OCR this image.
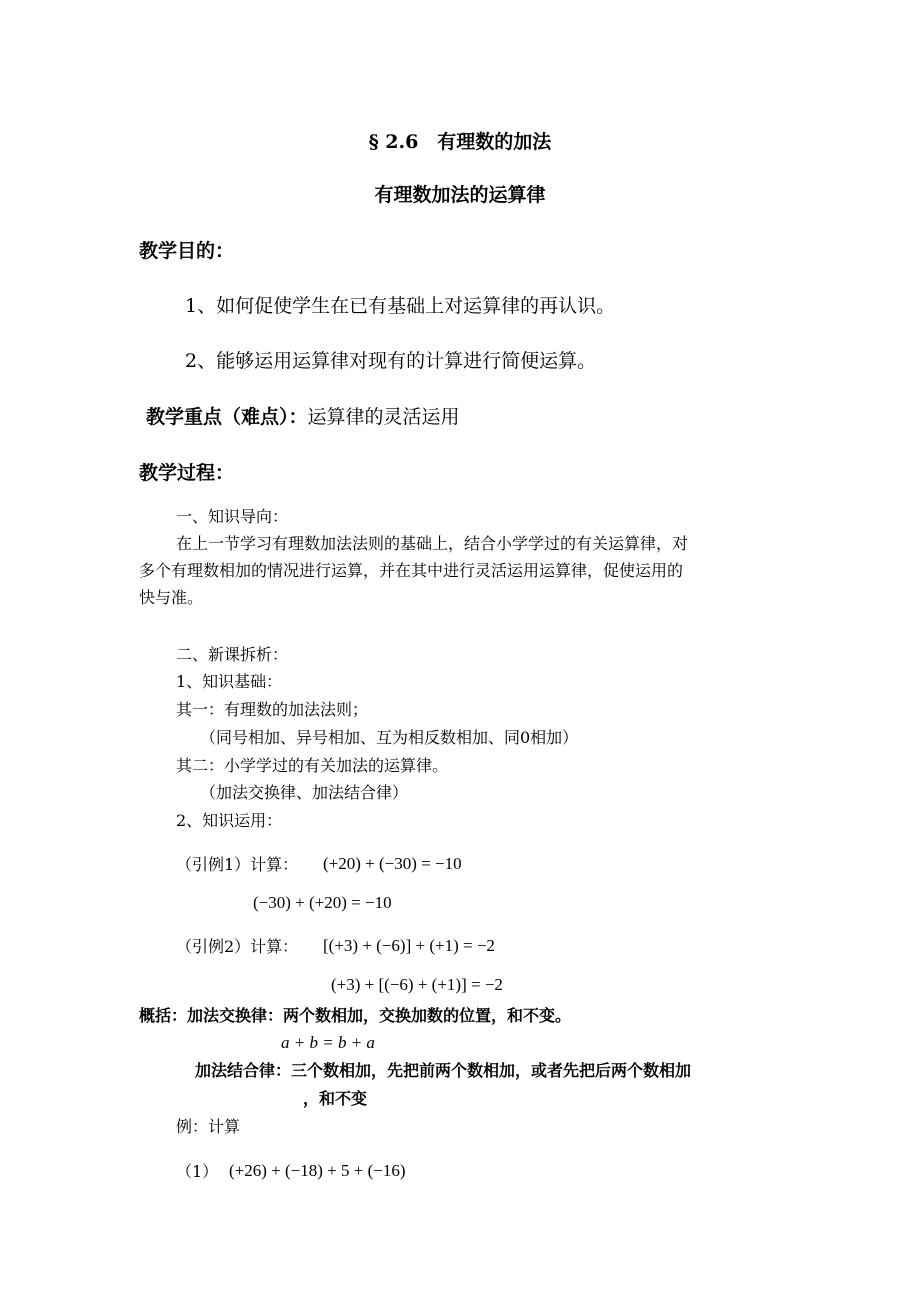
§ 2.6　有理数的加法
有理数加法的运算律
教学目的：
1、如何促使学生在已有基础上对运算律的再认识。
2、能够运用运算律对现有的计算进行简便运算。
教学重点（难点）：运算律的灵活运用
教学过程：
一、知识导向：
在上一节学习有理数加法法则的基础上，结合小学学过的有关运算律，对
多个有理数相加的情况进行运算，并在其中进行灵活运用运算律，促使运用的
快与准。
二、新课拆析：
1、知识基础：
其一：有理数的加法法则；
（同号相加、异号相加、互为相反数相加、同0相加）
其二：小学学过的有关加法的运算律。
（加法交换律、加法结合律）
2、知识运用：
（引例1）计算： (+20) + (−30) = −10
(−30) + (+20) = −10
（引例2）计算： [(+3) + (−6)] + (+1) = −2
(+3) + [(−6) + (+1)] = −2
概括：加法交换律：两个数相加，交换加数的位置，和不变。
a + b = b + a
加法结合律：三个数相加，先把前两个数相加，或者先把后两个数相加
，和不变
例：计算
（1） (+26) + (−18) + 5 + (−16)
